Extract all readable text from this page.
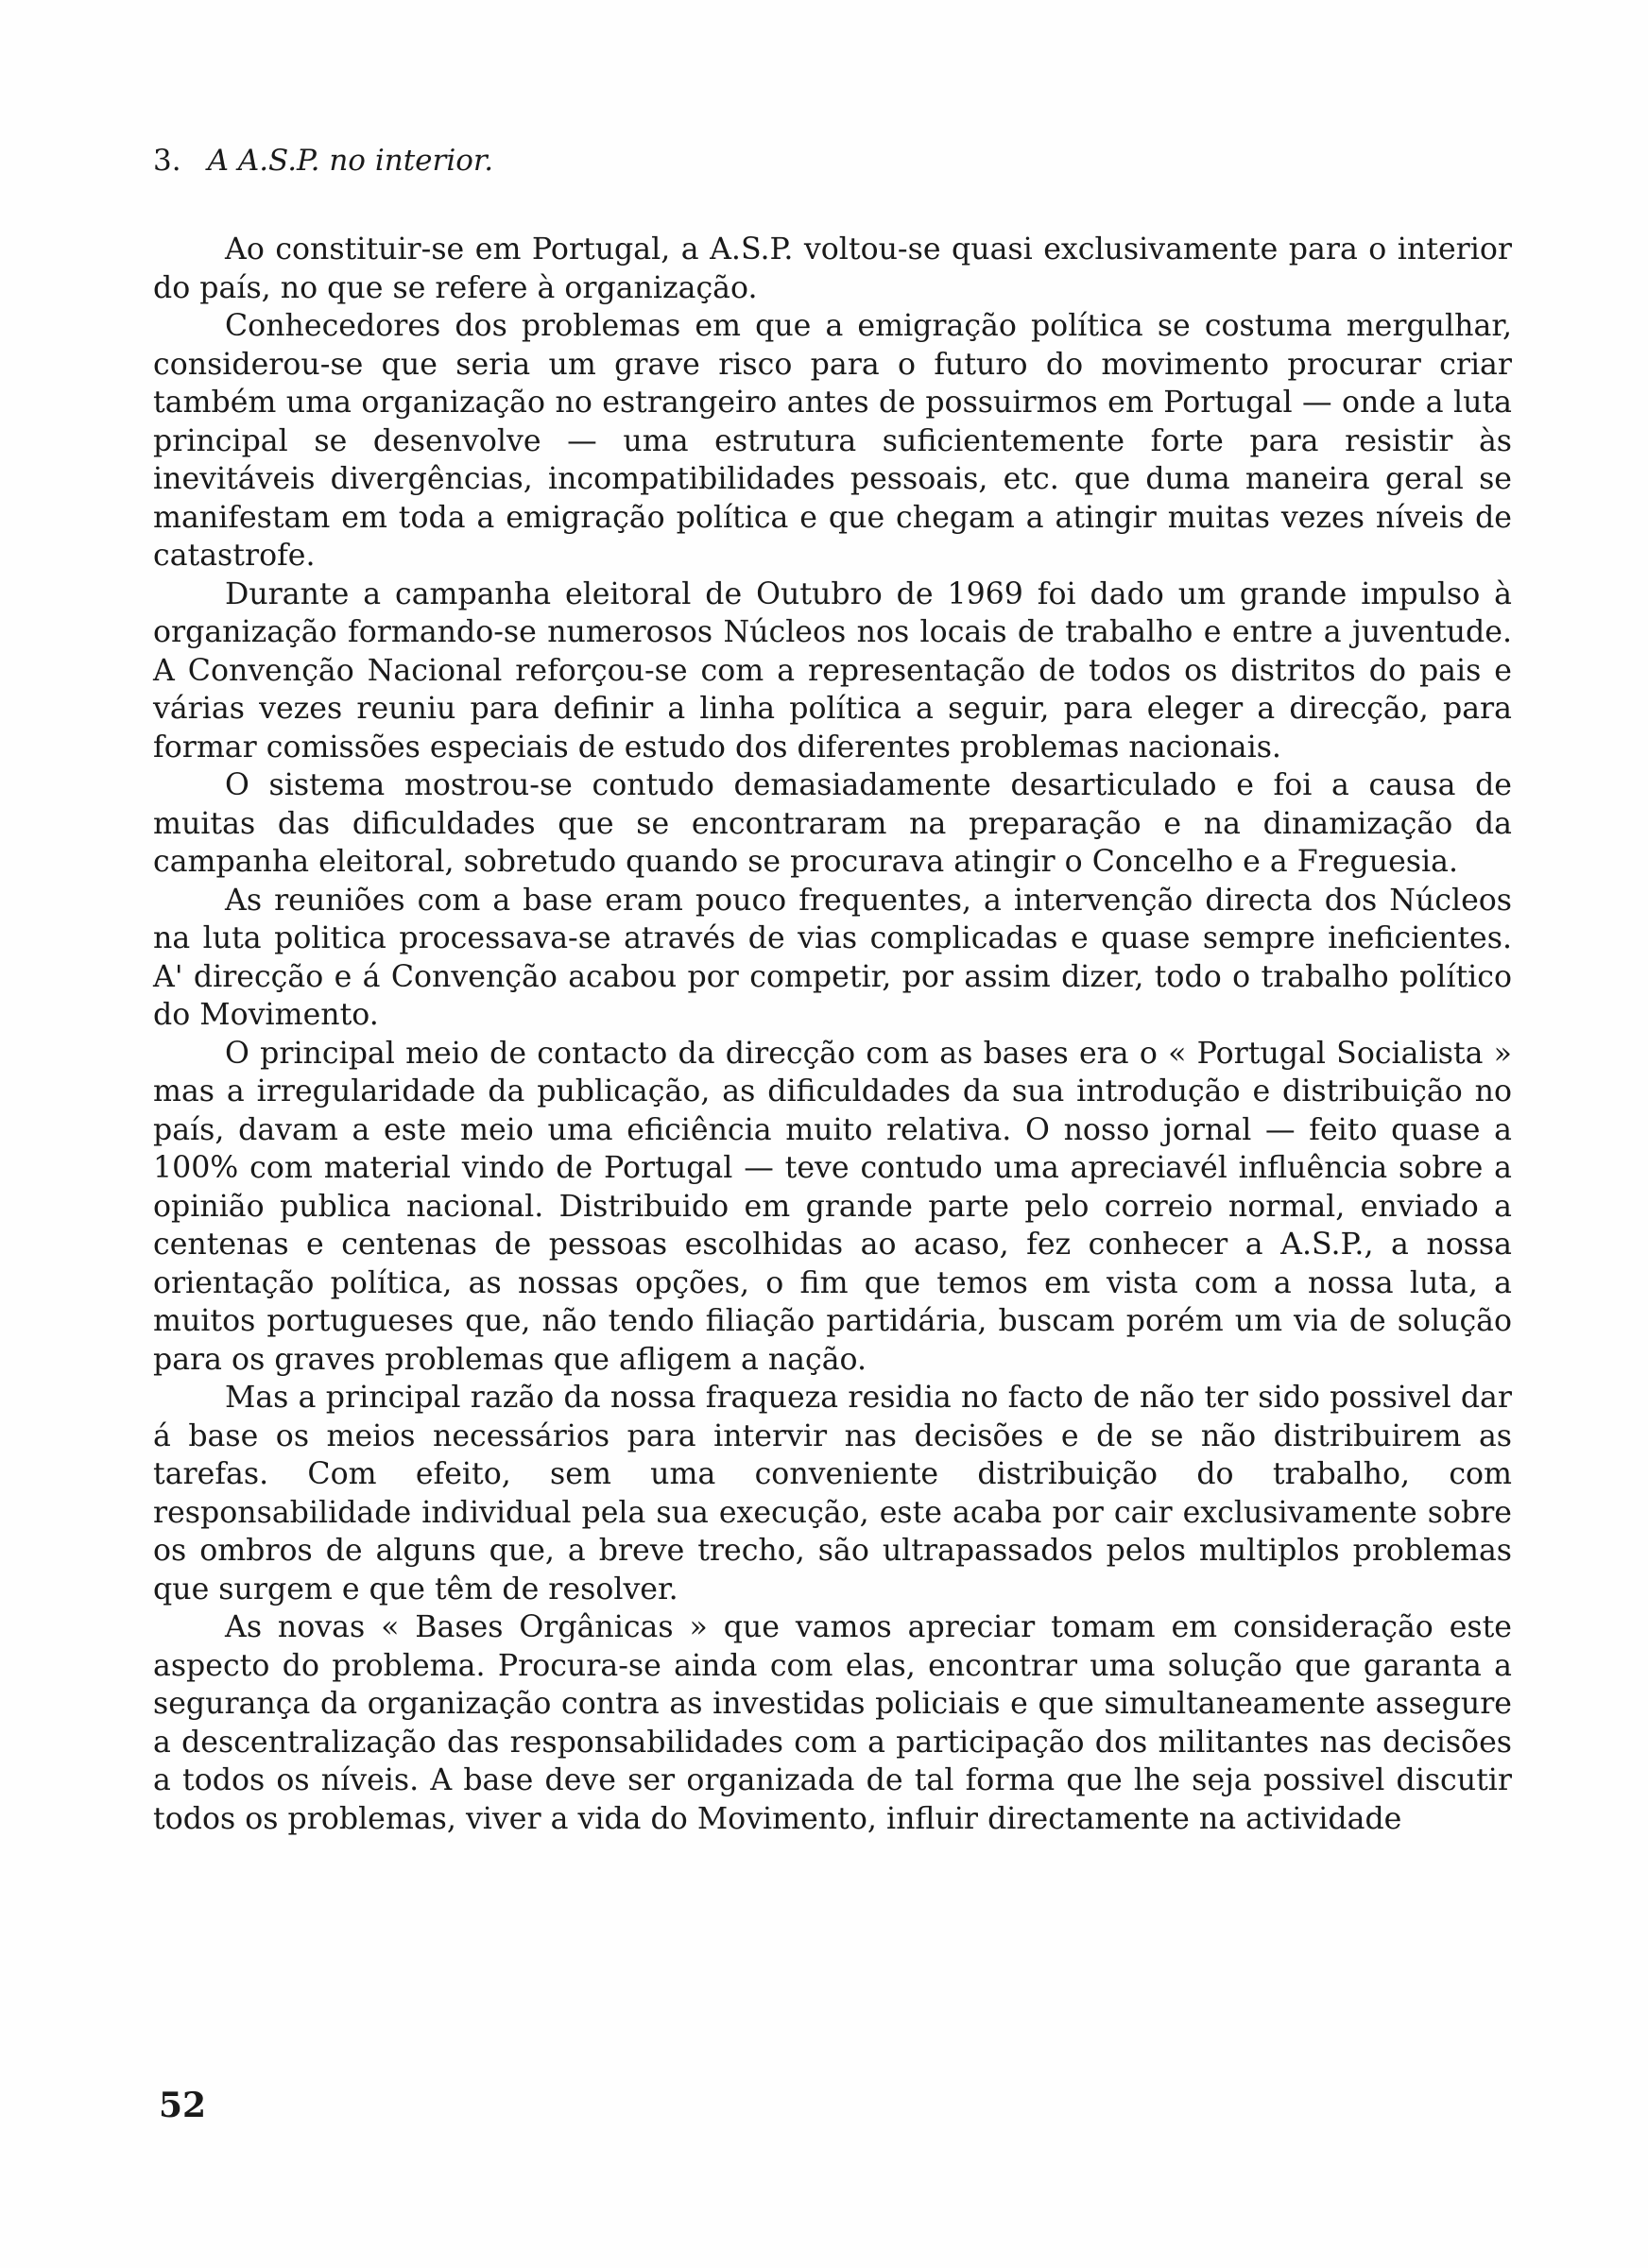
3. A A.S.P. no interior.

Ao constituir-se em Portugal, a A.S.P. voltou-se quasi exclusivamente para o interior do país, no que se refere à organização.

Conhecedores dos problemas em que a emigração política se costuma mergulhar, considerou-se que seria um grave risco para o futuro do movimento procurar criar também uma organização no estrangeiro antes de possuirmos em Portugal — onde a luta principal se desenvolve — uma estrutura suficientemente forte para resistir às inevitáveis divergências, incompatibilidades pessoais, etc. que duma maneira geral se manifestam em toda a emigração política e que chegam a atingir muitas vezes níveis de catastrofe.

Durante a campanha eleitoral de Outubro de 1969 foi dado um grande impulso à organização formando-se numerosos Núcleos nos locais de trabalho e entre a juventude. A Convenção Nacional reforçou-se com a representação de todos os distritos do pais e várias vezes reuniu para definir a linha política a seguir, para eleger a direcção, para formar comissões especiais de estudo dos diferentes problemas nacionais.

O sistema mostrou-se contudo demasiadamente desarticulado e foi a causa de muitas das dificuldades que se encontraram na preparação e na dinamização da campanha eleitoral, sobretudo quando se procurava atingir o Concelho e a Freguesia.

As reuniões com a base eram pouco frequentes, a intervenção directa dos Núcleos na luta politica processava-se através de vias complicadas e quase sempre ineficientes. A' direcção e á Convenção acabou por competir, por assim dizer, todo o trabalho político do Movimento.

O principal meio de contacto da direcção com as bases era o « Portugal Socialista » mas a irregularidade da publicação, as dificuldades da sua introdução e distribuição no país, davam a este meio uma eficiência muito relativa. O nosso jornal — feito quase a 100% com material vindo de Portugal — teve contudo uma apreciavél influência sobre a opinião publica nacional. Distribuido em grande parte pelo correio normal, enviado a centenas e centenas de pessoas escolhidas ao acaso, fez conhecer a A.S.P., a nossa orientação política, as nossas opções, o fim que temos em vista com a nossa luta, a muitos portugueses que, não tendo filiação partidária, buscam porém um via de solução para os graves problemas que afligem a nação.

Mas a principal razão da nossa fraqueza residia no facto de não ter sido possivel dar á base os meios necessários para intervir nas decisões e de se não distribuirem as tarefas. Com efeito, sem uma conveniente distribuição do trabalho, com responsabilidade individual pela sua execução, este acaba por cair exclusivamente sobre os ombros de alguns que, a breve trecho, são ultrapassados pelos multiplos problemas que surgem e que têm de resolver.

As novas « Bases Orgânicas » que vamos apreciar tomam em consideração este aspecto do problema. Procura-se ainda com elas, encontrar uma solução que garanta a segurança da organização contra as investidas policiais e que simultaneamente assegure a descentralização das responsabilidades com a participação dos militantes nas decisões a todos os níveis. A base deve ser organizada de tal forma que lhe seja possivel discutir todos os problemas, viver a vida do Movimento, influir directamente na actividade

52
